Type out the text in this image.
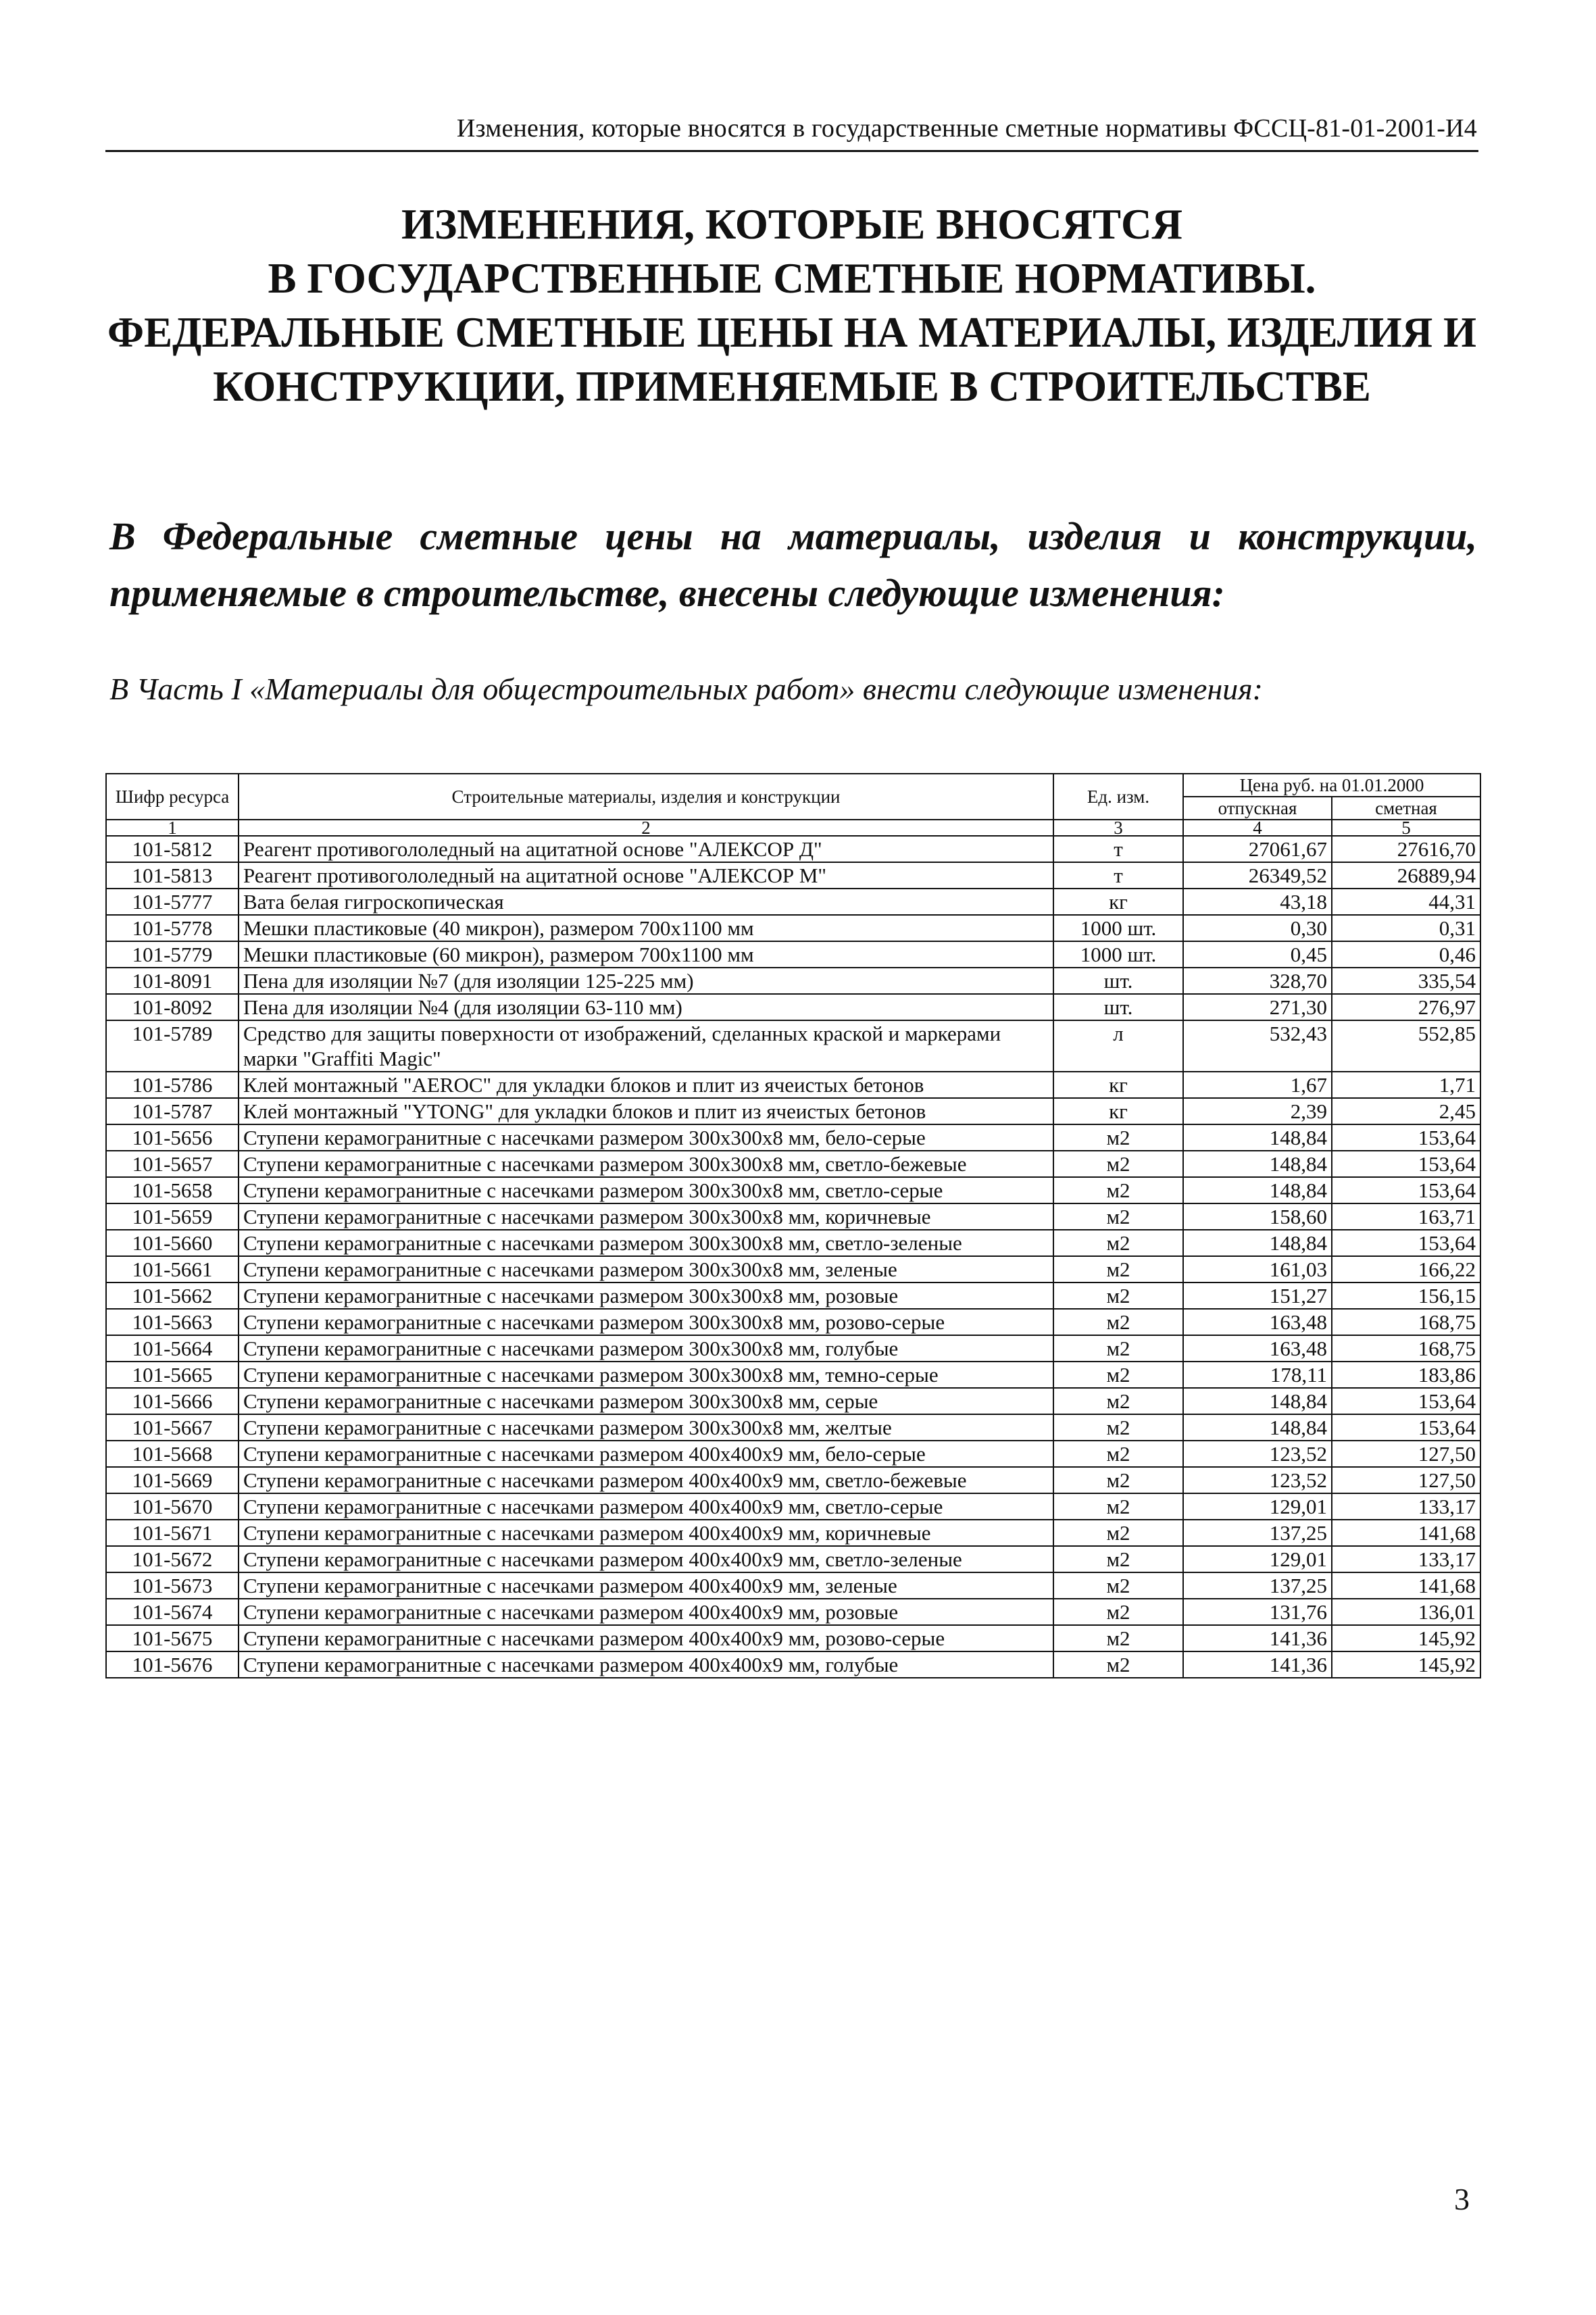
Изменения, которые вносятся в государственные сметные нормативы ФССЦ-81-01-2001-И4
ИЗМЕНЕНИЯ, КОТОРЫЕ ВНОСЯТСЯ
В ГОСУДАРСТВЕННЫЕ СМЕТНЫЕ НОРМАТИВЫ.
ФЕДЕРАЛЬНЫЕ СМЕТНЫЕ ЦЕНЫ НА МАТЕРИАЛЫ, ИЗДЕЛИЯ И
КОНСТРУКЦИИ, ПРИМЕНЯЕМЫЕ В СТРОИТЕЛЬСТВЕ
В Федеральные сметные цены на материалы, изделия и конструкции, применяемые в строительстве, внесены следующие изменения:
В Часть I «Материалы для общестроительных работ» внести следующие изменения:
Шифр ресурса	Строительные материалы, изделия и конструкции	Ед. изм.	Цена руб. на 01.01.2000	
			отпускная	сметная
1	2	3	4	5
101-5812	Реагент противогололедный на ацитатной основе "АЛЕКСОР Д"	т	27061,67	27616,70
101-5813	Реагент противогололедный на ацитатной основе "АЛЕКСОР М"	т	26349,52	26889,94
101-5777	Вата белая гигроскопическая	кг	43,18	44,31
101-5778	Мешки пластиковые (40 микрон), размером 700x1100 мм	1000 шт.	0,30	0,31
101-5779	Мешки пластиковые (60 микрон), размером 700x1100 мм	1000 шт.	0,45	0,46
101-8091	Пена для изоляции №7 (для изоляции 125-225 мм)	шт.	328,70	335,54
101-8092	Пена для изоляции №4 (для изоляции 63-110 мм)	шт.	271,30	276,97
101-5789	Средство для защиты поверхности от изображений, сделанных краской и маркерами марки "Graffiti Magic"	л	532,43	552,85
101-5786	Клей монтажный "AEROC" для укладки блоков и плит из ячеистых бетонов	кг	1,67	1,71
101-5787	Клей монтажный "YTONG" для укладки блоков и плит из ячеистых бетонов	кг	2,39	2,45
101-5656	Ступени керамогранитные с насечками размером 300x300x8 мм, бело-серые	м2	148,84	153,64
101-5657	Ступени керамогранитные с насечками размером 300x300x8 мм, светло-бежевые	м2	148,84	153,64
101-5658	Ступени керамогранитные с насечками размером 300x300x8 мм, светло-серые	м2	148,84	153,64
101-5659	Ступени керамогранитные с насечками размером 300x300x8 мм, коричневые	м2	158,60	163,71
101-5660	Ступени керамогранитные с насечками размером 300x300x8 мм, светло-зеленые	м2	148,84	153,64
101-5661	Ступени керамогранитные с насечками размером 300x300x8 мм, зеленые	м2	161,03	166,22
101-5662	Ступени керамогранитные с насечками размером 300x300x8 мм, розовые	м2	151,27	156,15
101-5663	Ступени керамогранитные с насечками размером 300x300x8 мм, розово-серые	м2	163,48	168,75
101-5664	Ступени керамогранитные с насечками размером 300x300x8 мм, голубые	м2	163,48	168,75
101-5665	Ступени керамогранитные с насечками размером 300x300x8 мм, темно-серые	м2	178,11	183,86
101-5666	Ступени керамогранитные с насечками размером 300x300x8 мм, серые	м2	148,84	153,64
101-5667	Ступени керамогранитные с насечками размером 300x300x8 мм, желтые	м2	148,84	153,64
101-5668	Ступени керамогранитные с насечками размером 400x400x9 мм, бело-серые	м2	123,52	127,50
101-5669	Ступени керамогранитные с насечками размером 400x400x9 мм, светло-бежевые	м2	123,52	127,50
101-5670	Ступени керамогранитные с насечками размером 400x400x9 мм, светло-серые	м2	129,01	133,17
101-5671	Ступени керамогранитные с насечками размером 400x400x9 мм, коричневые	м2	137,25	141,68
101-5672	Ступени керамогранитные с насечками размером 400x400x9 мм, светло-зеленые	м2	129,01	133,17
101-5673	Ступени керамогранитные с насечками размером 400x400x9 мм, зеленые	м2	137,25	141,68
101-5674	Ступени керамогранитные с насечками размером 400x400x9 мм, розовые	м2	131,76	136,01
101-5675	Ступени керамогранитные с насечками размером 400x400x9 мм, розово-серые	м2	141,36	145,92
101-5676	Ступени керамогранитные с насечками размером 400x400x9 мм, голубые	м2	141,36	145,92
3
